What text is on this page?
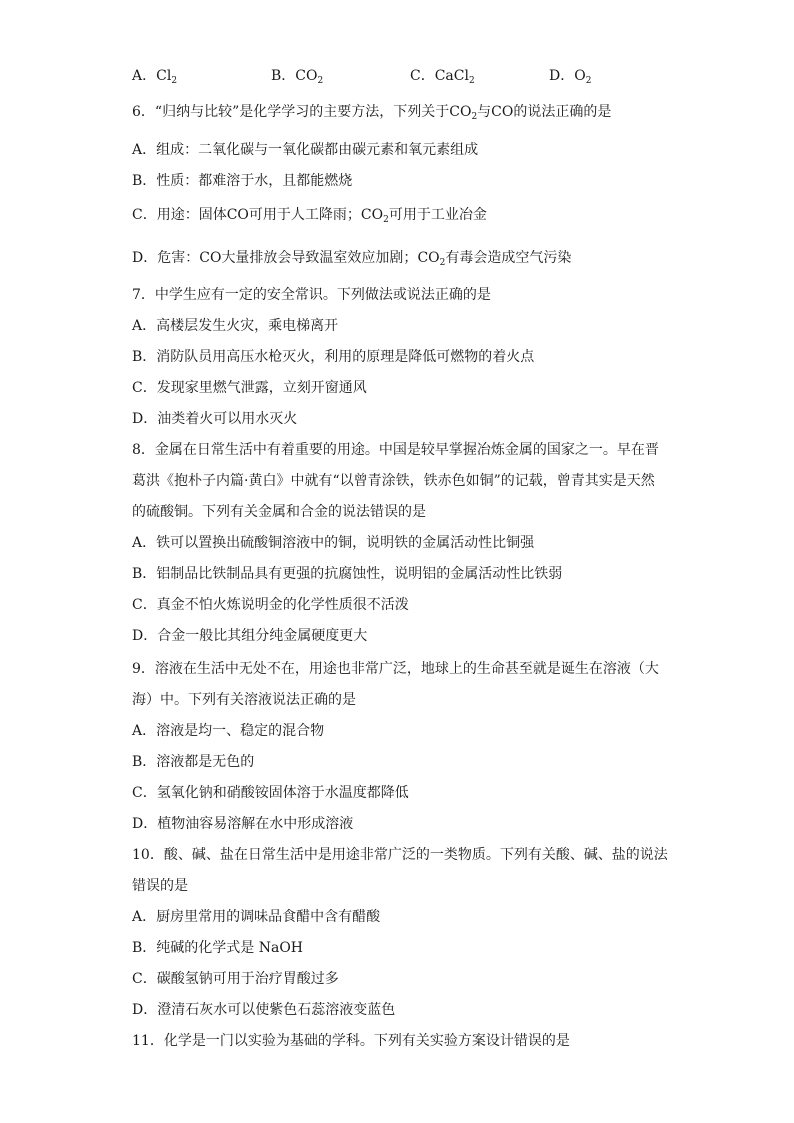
A．$Cl_2$	B．$CO_2$	C．CaCl$_2$	D．$O_2$
6．“归纳与比较”是化学学习的主要方法，下列关于$CO_2$与CO的说法正确的是
A．组成：二氧化碳与一氧化碳都由碳元素和氧元素组成
B．性质：都难溶于水，且都能燃烧
C．用途：固体CO可用于人工降雨；$CO_2$可用于工业冶金
D．危害：CO大量排放会导致温室效应加剧；$CO_2$有毒会造成空气污染
7．中学生应有一定的安全常识。下列做法或说法正确的是
A．高楼层发生火灾，乘电梯离开
B．消防队员用高压水枪灭火，利用的原理是降低可燃物的着火点
C．发现家里燃气泄露，立刻开窗通风
D．油类着火可以用水灭火
8．金属在日常生活中有着重要的用途。中国是较早掌握冶炼金属的国家之一。早在晋
葛洪《抱朴子内篇·黄白》中就有“以曾青涂铁，铁赤色如铜”的记载，曾青其实是天然
的硫酸铜。下列有关金属和合金的说法错误的是
A．铁可以置换出硫酸铜溶液中的铜，说明铁的金属活动性比铜强
B．铝制品比铁制品具有更强的抗腐蚀性，说明铝的金属活动性比铁弱
C．真金不怕火炼说明金的化学性质很不活泼
D．合金一般比其组分纯金属硬度更大
9．溶液在生活中无处不在，用途也非常广泛，地球上的生命甚至就是诞生在溶液（大
海）中。下列有关溶液说法正确的是
A．溶液是均一、稳定的混合物
B．溶液都是无色的
C．氢氧化钠和硝酸铵固体溶于水温度都降低
D．植物油容易溶解在水中形成溶液
10．酸、碱、盐在日常生活中是用途非常广泛的一类物质。下列有关酸、碱、盐的说法
错误的是
A．厨房里常用的调味品食醋中含有醋酸
B．纯碱的化学式是 NaOH
C．碳酸氢钠可用于治疗胃酸过多
D．澄清石灰水可以使紫色石蕊溶液变蓝色
11．化学是一门以实验为基础的学科。下列有关实验方案设计错误的是
